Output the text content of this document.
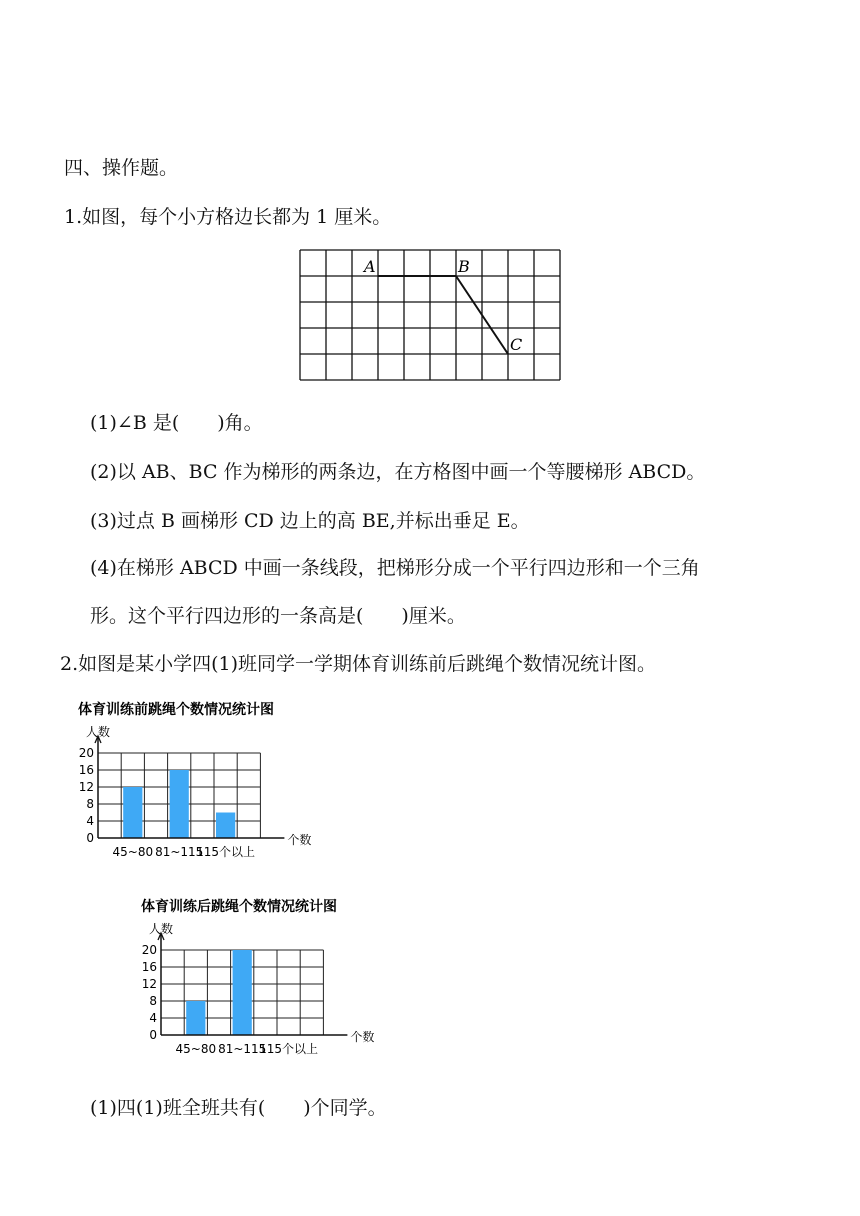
四、操作题。
1.如图，每个小方格边长都为 1 厘米。
A	B
C
(1)∠B 是(　　)角。
(2)以 AB、BC 作为梯形的两条边，在方格图中画一个等腰梯形 ABCD。
(3)过点 B 画梯形 CD 边上的高 BE,并标出垂足 E。
(4)在梯形 ABCD 中画一条线段，把梯形分成一个平行四边形和一个三角
形。这个平行四边形的一条高是(　　)厘米。
2.如图是某小学四(1)班同学一学期体育训练前后跳绳个数情况统计图。
体育训练前跳绳个数情况统计图
人数
0
4
8
12
16
20
个数
45~80 81~115
115个以上
体育训练后跳绳个数情况统计图
人数
0
4
8
12
16
20
个数
45~80 81~115
115个以上
(1)四(1)班全班共有(　　)个同学。
